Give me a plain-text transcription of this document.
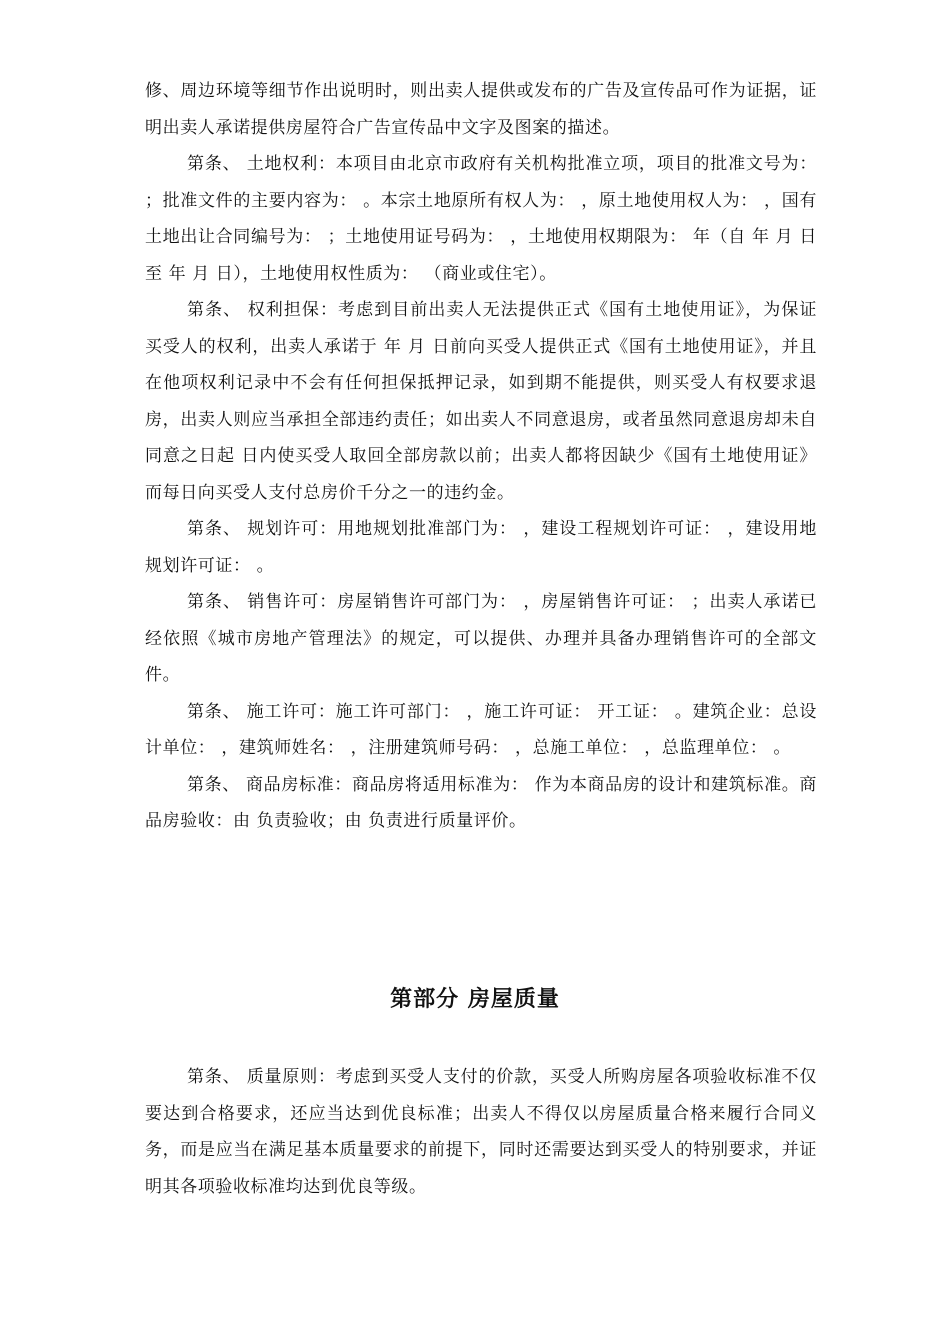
修、周边环境等细节作出说明时，则出卖人提供或发布的广告及宣传品可作为证据，证明出卖人承诺提供房屋符合广告宣传品中文字及图案的描述。

第条、 土地权利：本项目由北京市政府有关机构批准立项，项目的批准文号为： ；批准文件的主要内容为： 。本宗土地原所有权人为： ，原土地使用权人为： ，国有土地出让合同编号为： ；土地使用证号码为： ，土地使用权期限为： 年（自 年 月 日至 年 月 日），土地使用权性质为： （商业或住宅）。

第条、 权利担保：考虑到目前出卖人无法提供正式《国有土地使用证》，为保证买受人的权利，出卖人承诺于 年 月 日前向买受人提供正式《国有土地使用证》，并且在他项权利记录中不会有任何担保抵押记录，如到期不能提供，则买受人有权要求退房，出卖人则应当承担全部违约责任；如出卖人不同意退房，或者虽然同意退房却未自同意之日起 日内使买受人取回全部房款以前；出卖人都将因缺少《国有土地使用证》而每日向买受人支付总房价千分之一的违约金。

第条、 规划许可：用地规划批准部门为： ，建设工程规划许可证： ，建设用地规划许可证： 。

第条、 销售许可：房屋销售许可部门为： ，房屋销售许可证： ；出卖人承诺已经依照《城市房地产管理法》的规定，可以提供、办理并具备办理销售许可的全部文件。

第条、 施工许可：施工许可部门： ，施工许可证： 开工证： 。建筑企业：总设计单位： ，建筑师姓名： ，注册建筑师号码： ，总施工单位： ，总监理单位： 。

第条、 商品房标准：商品房将适用标准为： 作为本商品房的设计和建筑标准。商品房验收：由 负责验收；由 负责进行质量评价。

第部分 房屋质量

第条、 质量原则：考虑到买受人支付的价款，买受人所购房屋各项验收标准不仅要达到合格要求，还应当达到优良标准；出卖人不得仅以房屋质量合格来履行合同义务，而是应当在满足基本质量要求的前提下，同时还需要达到买受人的特别要求，并证明其各项验收标准均达到优良等级。
